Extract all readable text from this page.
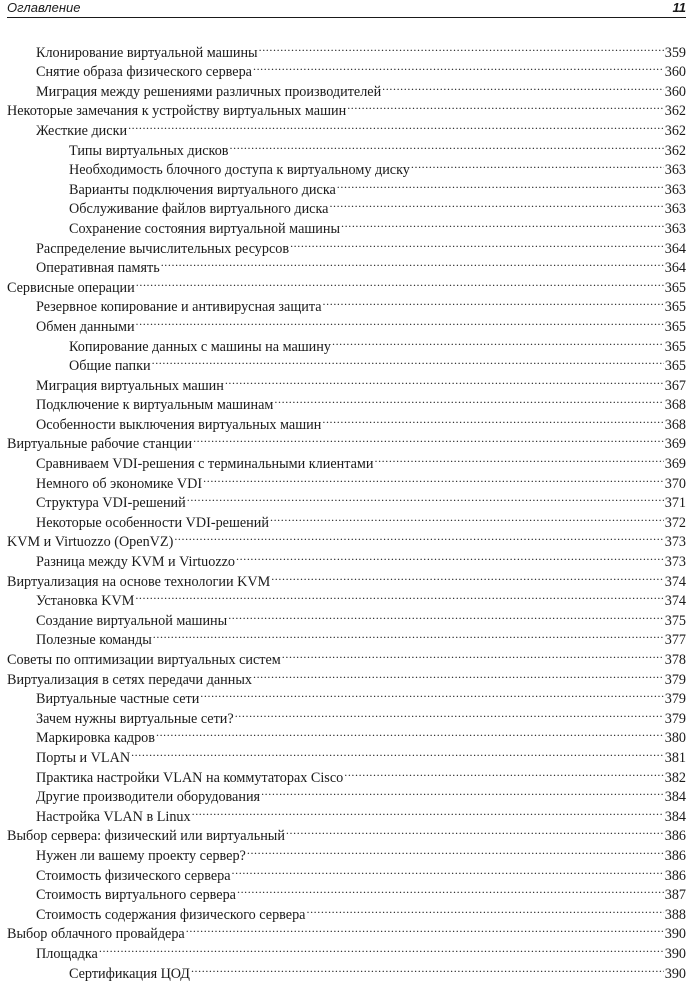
Оглавление	11
Клонирование виртуальной машины .....	359
Снятие образа физического сервера .....	360
Миграция между решениями различных производителей .....	360
Некоторые замечания к устройству виртуальных машин .....	362
Жесткие диски .....	362
Типы виртуальных дисков .....	362
Необходимость блочного доступа к виртуальному диску .....	363
Варианты подключения виртуального диска .....	363
Обслуживание файлов виртуального диска .....	363
Сохранение состояния виртуальной машины .....	363
Распределение вычислительных ресурсов .....	364
Оперативная память .....	364
Сервисные операции .....	365
Резервное копирование и антивирусная защита .....	365
Обмен данными .....	365
Копирование данных с машины на машину .....	365
Общие папки .....	365
Миграция виртуальных машин .....	367
Подключение к виртуальным машинам .....	368
Особенности выключения виртуальных машин .....	368
Виртуальные рабочие станции .....	369
Сравниваем VDI-решения с терминальными клиентами .....	369
Немного об экономике VDI .....	370
Структура VDI-решений .....	371
Некоторые особенности VDI-решений .....	372
KVM и Virtuozzo (OpenVZ) .....	373
Разница между KVM и Virtuozzo .....	373
Виртуализация на основе технологии KVM .....	374
Установка KVM .....	374
Создание виртуальной машины .....	375
Полезные команды .....	377
Советы по оптимизации виртуальных систем .....	378
Виртуализация в сетях передачи данных .....	379
Виртуальные частные сети .....	379
Зачем нужны виртуальные сети? .....	379
Маркировка кадров .....	380
Порты и VLAN .....	381
Практика настройки VLAN на коммутаторах Cisco .....	382
Другие производители оборудования .....	384
Настройка VLAN в Linux .....	384
Выбор сервера: физический или виртуальный .....	386
Нужен ли вашему проекту сервер? .....	386
Стоимость физического сервера .....	386
Стоимость виртуального сервера .....	387
Стоимость содержания физического сервера .....	388
Выбор облачного провайдера .....	390
Площадка .....	390
Сертификация ЦОД .....	390
